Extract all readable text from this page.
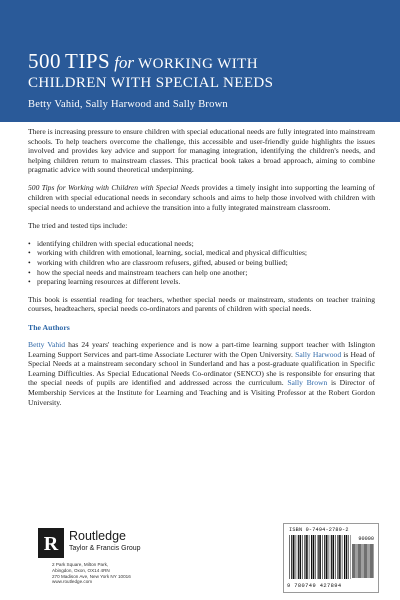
500 TIPS for WORKING WITH
CHILDREN WITH SPECIAL NEEDS
Betty Vahid, Sally Harwood and Sally Brown

There is increasing pressure to ensure children with special educational needs are fully integrated into mainstream schools. To help teachers overcome the challenge, this accessible and user-friendly guide highlights the issues involved and provides key advice and support for managing integration, identifying the children's needs, and helping children return to mainstream classes. This practical book takes a broad approach, aiming to combine pragmatic advice with sound theoretical underpinning.

500 Tips for Working with Children with Special Needs provides a timely insight into supporting the learning of children with special educational needs in secondary schools and aims to help those involved with children with special needs to understand and achieve the transition into a fully integrated mainstream classroom.

The tried and tested tips include:

• identifying children with special educational needs;
• working with children with emotional, learning, social, medical and physical difficulties;
• working with children who are classroom refusers, gifted, abused or being bullied;
• how the special needs and mainstream teachers can help one another;
• preparing learning resources at different levels.

This book is essential reading for teachers, whether special needs or mainstream, students on teacher training courses, headteachers, special needs co-ordinators and parents of children with special needs.

The Authors

Betty Vahid has 24 years' teaching experience and is now a part-time learning support teacher with Islington Learning Support Services and part-time Associate Lecturer with the Open University. Sally Harwood is Head of Special Needs at a mainstream secondary school in Sunderland and has a post-graduate qualification in Specific Learning Difficulties. As Special Educational Needs Co-ordinator (SENCO) she is responsible for ensuring that the special needs of pupils are identified and addressed across the curriculum. Sally Brown is Director of Membership Services at the Institute for Learning and Teaching and is Visiting Professor at the Robert Gordon University.

R Routledge
Taylor & Francis Group
2 Park Square, Milton Park,
Abingdon, Oxon, OX14 4RN
270 Madison Ave, New York NY 10016
www.routledge.com
ISBN 0-7494-2789-2
90000
9 780749 427894
